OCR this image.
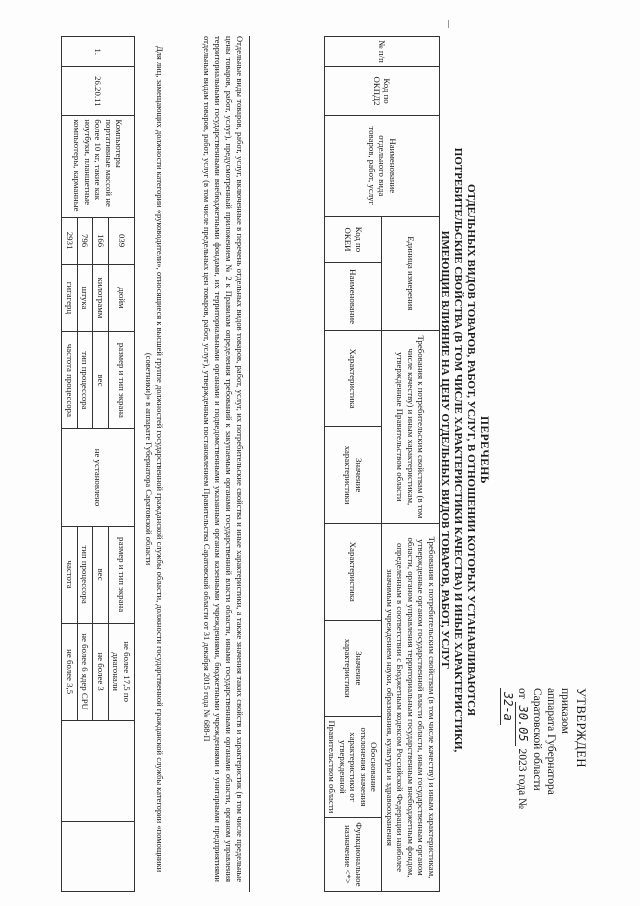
УТВЕРЖДЕН
приказом
аппарата Губернатора
Саратовской области
от 30.05 2023 года № 32-а
ПЕРЕЧЕНЬ
ОТДЕЛЬНЫХ ВИДОВ ТОВАРОВ, РАБОТ, УСЛУГ, В ОТНОШЕНИИ КОТОРЫХ УСТАНАВЛИВАЮТСЯ
ПОТРЕБИТЕЛЬСКИЕ СВОЙСТВА (В ТОМ ЧИСЛЕ ХАРАКТЕРИСТИКИ КАЧЕСТВА) И ИНЫЕ ХАРАКТЕРИСТИКИ,
ИМЕЮЩИЕ ВЛИЯНИЕ НА ЦЕНУ ОТДЕЛЬНЫХ ВИДОВ ТОВАРОВ, РАБОТ, УСЛУГ
№ п/п	Код по ОКПД2	Наименование отдельного вида товаров, работ, услуг	Единица измерения		Требования к потребительским свойствам (в том числе качеству) и иным характеристикам, утвержденные Правительством области		Требования к потребительским свойствам (в том числе качеству) и иным характеристикам, утвержденные органом государственной власти области, иным государственным органом области, органом управления территориальным государственным внебюджетным фондом, определенным в соответствии с Бюджетным кодексом Российской Федерации наиболее значимым учреждением науки, образования, культуры и здравоохранения			
			Код по ОКЕИ	Наименование	Характеристика	Значение характеристики	Характеристика	Значение характеристики	Обоснование отклонения значения характеристики от утвержденной Правительством области	Функциональное назначение <*>
Отдельные виды товаров, работ, услуг, включенные в перечень отдельных видов товаров, работ, услуг, их потребительские свойства и иные характеристики, а также значения таких свойств и характеристик (в том числе предельные цены товаров, работ, услуг), предусмотренный приложением № 2 к Правилам определения требований к закупаемым органами государственной власти области, иными государственными органами области, органом управления территориальными государственными внебюджетными фондами, их территориальными органами и подведомственными указанным органам казенными учреждениями, бюджетными учреждениями и унитарными предприятиями отдельным видам товаров, работ, услуг (в том числе предельных цен товаров, работ, услуг), утвержденным постановлением Правительства Саратовской области от 31 декабря 2015 года № 688-П
Для лиц, замещающих должности категории «руководители», относящиеся к высшей группе должностей государственной гражданской службы области, должности государственной гражданской службы категории «помощники (советники)» в аппарате Губернатора Саратовской области
1.	26.20.11	Компьютеры портативные массой не более 10 кг, такие как ноутбуки, планшетные компьютеры, карманные	039	дюйм	размер и тип экрана	не установлено	размер и тип экрана	не более 17,5 по диагонали		
			166	килограмм	вес		вес	не более 3		
			796	штука	тип процессора		тип процессора	не более 6 ядер CPU		
			2931	гигагерц	частота процессора		частота	не более 3,5		
